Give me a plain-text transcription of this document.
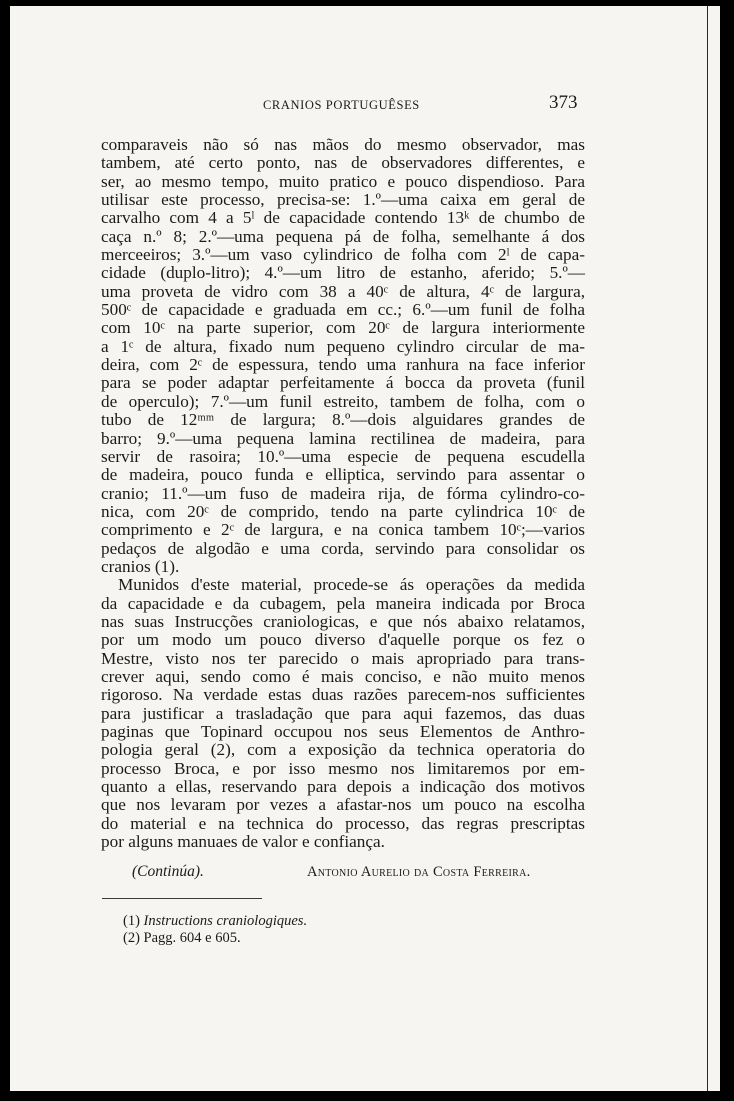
CRANIOS PORTUGUÊSES	373
comparaveis não só nas mãos do mesmo observador, mas
tambem, até certo ponto, nas de observadores differentes, e
ser, ao mesmo tempo, muito pratico e pouco dispendioso. Para
utilisar este processo, precisa-se: 1.º—uma caixa em geral de
carvalho com 4 a 5ˡ de capacidade contendo 13ᵏ de chumbo de
caça n.º 8; 2.º—uma pequena pá de folha, semelhante á dos
merceeiros; 3.º—um vaso cylindrico de folha com 2ˡ de capa-
cidade (duplo-litro); 4.º—um litro de estanho, aferido; 5.º—
uma proveta de vidro com 38 a 40ᶜ de altura, 4ᶜ de largura,
500ᶜ de capacidade e graduada em cc.; 6.º—um funil de folha
com 10ᶜ na parte superior, com 20ᶜ de largura interiormente
a 1ᶜ de altura, fixado num pequeno cylindro circular de ma-
deira, com 2ᶜ de espessura, tendo uma ranhura na face inferior
para se poder adaptar perfeitamente á bocca da proveta (funil
de operculo); 7.º—um funil estreito, tambem de folha, com o
tubo de 12ᵐᵐ de largura; 8.º—dois alguidares grandes de
barro; 9.º—uma pequena lamina rectilinea de madeira, para
servir de rasoira; 10.º—uma especie de pequena escudella
de madeira, pouco funda e elliptica, servindo para assentar o
cranio; 11.º—um fuso de madeira rija, de fórma cylindro-co-
nica, com 20ᶜ de comprido, tendo na parte cylindrica 10ᶜ de
comprimento e 2ᶜ de largura, e na conica tambem 10ᶜ;—varios
pedaços de algodão e uma corda, servindo para consolidar os
cranios (1).
Munidos d'este material, procede-se ás operações da medida
da capacidade e da cubagem, pela maneira indicada por Broca
nas suas Instrucções craniologicas, e que nós abaixo relatamos,
por um modo um pouco diverso d'aquelle porque os fez o
Mestre, visto nos ter parecido o mais apropriado para trans-
crever aqui, sendo como é mais conciso, e não muito menos
rigoroso. Na verdade estas duas razões parecem-nos sufficientes
para justificar a trasladação que para aqui fazemos, das duas
paginas que Topinard occupou nos seus Elementos de Anthro-
pologia geral (2), com a exposição da technica operatoria do
processo Broca, e por isso mesmo nos limitaremos por em-
quanto a ellas, reservando para depois a indicação dos motivos
que nos levaram por vezes a afastar-nos um pouco na escolha
do material e na technica do processo, das regras prescriptas
por alguns manuaes de valor e confiança.
(Continúa).	Antonio Aurelio da Costa Ferreira.
(1) Instructions craniologiques.
(2) Pagg. 604 e 605.
